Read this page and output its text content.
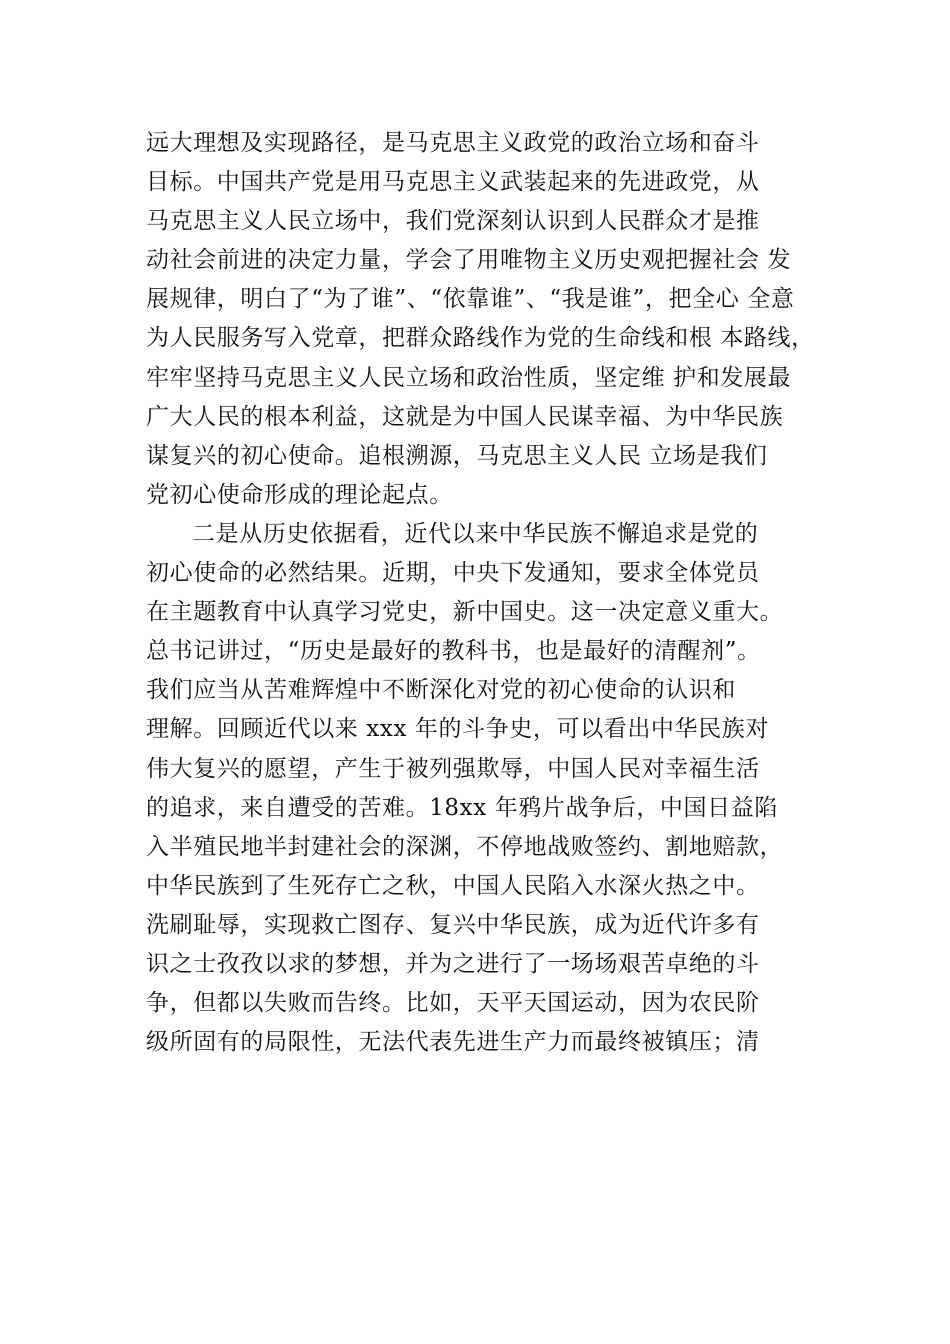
远大理想及实现路径，是马克思主义政党的政治立场和奋斗
目标。中国共产党是用马克思主义武装起来的先进政党，从
马克思主义人民立场中，我们党深刻认识到人民群众才是推
动社会前进的决定力量，学会了用唯物主义历史观把握社会 发
展规律，明白了“为了谁”、“依靠谁”、“我是谁”，把全心 全意
为人民服务写入党章，把群众路线作为党的生命线和根 本路线，
牢牢坚持马克思主义人民立场和政治性质，坚定维 护和发展最
广大人民的根本利益，这就是为中国人民谋幸福、为中华民族
谋复兴的初心使命。追根溯源，马克思主义人民 立场是我们
党初心使命形成的理论起点。
二是从历史依据看，近代以来中华民族不懈追求是党的
初心使命的必然结果。近期，中央下发通知，要求全体党员
在主题教育中认真学习党史，新中国史。这一决定意义重大。
总书记讲过，“历史是最好的教科书，也是最好的清醒剂”。
我们应当从苦难辉煌中不断深化对党的初心使命的认识和
理解。回顾近代以来 xxx 年的斗争史，可以看出中华民族对
伟大复兴的愿望，产生于被列强欺辱，中国人民对幸福生活
的追求，来自遭受的苦难。18xx 年鸦片战争后，中国日益陷
入半殖民地半封建社会的深渊，不停地战败签约、割地赔款，
中华民族到了生死存亡之秋，中国人民陷入水深火热之中。
洗刷耻辱，实现救亡图存、复兴中华民族，成为近代许多有
识之士孜孜以求的梦想，并为之进行了一场场艰苦卓绝的斗
争，但都以失败而告终。比如，天平天国运动，因为农民阶
级所固有的局限性，无法代表先进生产力而最终被镇压；清
